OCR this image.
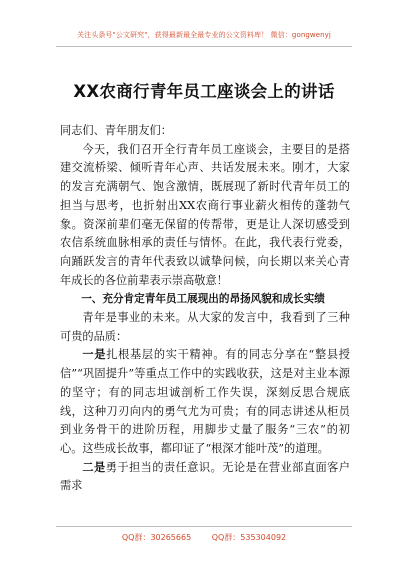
关注头条号"公文研究"，获得最新最全最专业的公文资料库！ 微信：gongwenyj
XX农商行青年员工座谈会上的讲话

同志们、青年朋友们：

今天，我们召开全行青年员工座谈会，主要目的是搭建交流桥梁、倾听青年心声、共话发展未来。刚才，大家的发言充满朝气、饱含激情，既展现了新时代青年员工的担当与思考，也折射出XX农商行事业薪火相传的蓬勃气象。资深前辈们毫无保留的传帮带，更是让人深切感受到农信系统血脉相承的责任与情怀。在此，我代表行党委，向踊跃发言的青年代表致以诚挚问候，向长期以来关心青年成长的各位前辈表示崇高敬意！

一、充分肯定青年员工展现出的昂扬风貌和成长实绩

青年是事业的未来。从大家的发言中，我看到了三种可贵的品质：

一是扎根基层的实干精神。有的同志分享在“整县授信”“巩固提升”等重点工作中的实践收获，这是对主业本源的坚守；有的同志坦诚剖析工作失误，深刻反思合规底线，这种刀刃向内的勇气尤为可贵；有的同志讲述从柜员到业务骨干的进阶历程，用脚步丈量了服务“三农”的初心。这些成长故事，都印证了“根深才能叶茂”的道理。

二是勇于担当的责任意识。无论是在营业部直面客户需求

QQ群：30265665	QQ群：535304092
